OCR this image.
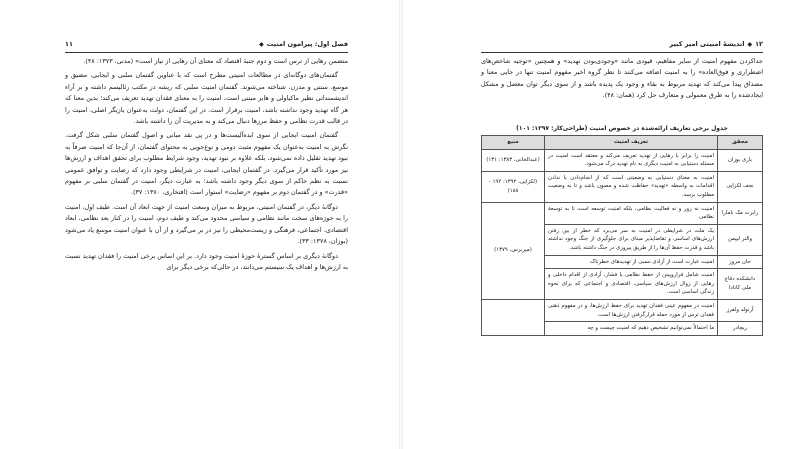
فصل اول: پیرامون امنیت
◆
۱۱

متضمن رهایی از ترس است و دوم جنبهٔ اقتصاد که معنای آن رهایی از نیاز است» (مدنی، ۱۳۷۳: ۴۸).

گفتمان‌های دوگانه‌ای در مطالعات امنیتی مطرح است که با عناوین گفتمان سلبی و ایجابی، مضیق و موسع، سنتی و مدرن، شناخته می‌شوند. گفتمان امنیت سلبی که ریشه در مکتب رئالیسم داشته و بر آراء اندیشمندانی نظیر ماکیاولی و هابز مبتنی است، امنیت را به معنای فقدان تهدید تعریف می‌کند؛ بدین معنا که هر گاه تهدید وجود نداشته باشد، امنیت برقرار است. در این گفتمان، دولت به‌عنوان بازیگر اصلی، امنیت را در قالب قدرت نظامی و حفظ مرزها دنبال می‌کند و به مدیریت آن را داشته باشد.

گفتمان امنیت ایجابی از سوی ایده‌آلیست‌ها و در پی نقد مبانی و اصول گفتمان سلبی شکل گرفت. نگرش به امنیت به‌عنوان یک مفهوم مثبت دومی و نوع‌جویی به محتوای گفتمان، از آن‌جا که امنیت صرفاً به نبود تهدید تقلیل داده نمی‌شود، بلکه علاوه بر نبود تهدید، وجود شرایط مطلوب برای تحقق اهداف و ارزش‌ها نیز مورد تأکید قرار می‌گیرد. در گفتمان ایجابی، امنیت در شرایطی وجود دارد که رضایت و توافق عمومی نسبت به نظم حاکم از سوی دیگر وجود داشته باشد؛ به عبارت دیگر، امنیت در گفتمان سلبی بر مفهوم «قدرت» و در گفتمان دوم بر مفهوم «رضایت» استوار است (افتخاری، ۱۳۸۰: ۳۷).

دوگانهٔ دیگر، در گفتمان امنیتی، مربوط به میزان وسعت امنیت از جهت ابعاد آن است. طیف اول، امنیت را به حوزه‌های سخت مانند نظامی و سیاسی محدود می‌کند و طیف دوم، امنیت را در کنار بعد نظامی، ابعاد اقتصادی، اجتماعی، فرهنگی و زیست‌محیطی را نیز در بر می‌گیرد و از آن با عنوان امنیت موسع یاد می‌شود (بوزان، ۱۳۷۸: ۳۳).

دوگانهٔ دیگری بر اساس گسترهٔ حوزهٔ امنیت وجود دارد. بر این اساس برخی امنیت را فقدان تهدید نسبت به ارزش‌ها و اهداف یک سیستم می‌دانند، در حالی‌که برخی دیگر برای

۱۲
◆
اندیشهٔ امنیتی امیر کبیر

جداکردن مفهوم امنیت از سایر مفاهیم، قیودی مانند «وجودی‌بودن تهدید» و همچنین «توجیه شاخص‌های اضطراری و فوق‌العاده» را به امنیت اضافه می‌کنند تا نظر گروه اخیر مفهوم امنیت تنها در جایی معنا و مصداق پیدا می‌کند که تهدید مربوط به بقاء و وجود یک پدیده باشد و از سوی دیگر توان معضل و مشکل ایجادشده را به طرق معمولی و متعارف حل کرد (همان: ۴۸).

جدول برخی تعاریف ارائه‌شده در خصوص امنیت (طراحی‌کار: ۱۳۹۷: ۱۰۱)
محقق	تعریف امنیت	منبع
باری بوزان	امنیت را برابر با رهایی از تهدید تعریف می‌کند و معتقد است امنیت در مسئله دستیابی به امنیت دیگری به نام تهدید درک می‌شود.	(عبدالخانی، ۱۳۸۳: ۱۳۱)
نجف لکزایی	امنیت به معنای دستیابی به وضعیتی است که از انجام‌دادن یا ندادن اقدامات به واسطه «تهدید» حفاظت ‌شده و مصون باشد و تا به وضعیت مطلوب برسد.	(لکزایی، ۱۳۹۲: ۱۹۲ - ۱۸۸)
رابرت مک نامارا	امنیت نه زور و نه فعالیت نظامی، بلکه امنیت توسعه است تا به توسعهٔ نظامی	(میربرس، ۱۳۷۹)
والتر لیپمن	یک ملت در شرایطی در امنیت به سر می‌برد که خطر از بین رفتن ارزش‌های اساسی و تقاضاپذیر مبنای برای جلوگیری از جنگ وجود نداشته باشد و قدرت حفظ آن‌ها را از طریق پیروزی در جنگ داشته باشد.	
جان مروز	امنیت عبارت است از آزادی نسبی از تهدیدهای خطرناک.	
دانشکده دفاع ملی کانادا	امنیت شامل فراروپیتن از حفظ نظامی یا فشار، آزادی از اقدام داخلی و رهایی از زوال ارزش‌های سیاسی، اقتصادی و اجتماعی که برای نحوه زندگی اساسی است.	
آرنولد ولفرز	امنیت در مفهوم عینی فقدان تهدید برای حفظ ارزش‌ها، و در مفهوم ذهنی فقدان ترس از مورد حمله قرارگرفتن ارزش‌ها است.	
ریچادر	ما احتمالاً نمی‌توانیم تشخیص دهیم که امنیت چیست و چه	
